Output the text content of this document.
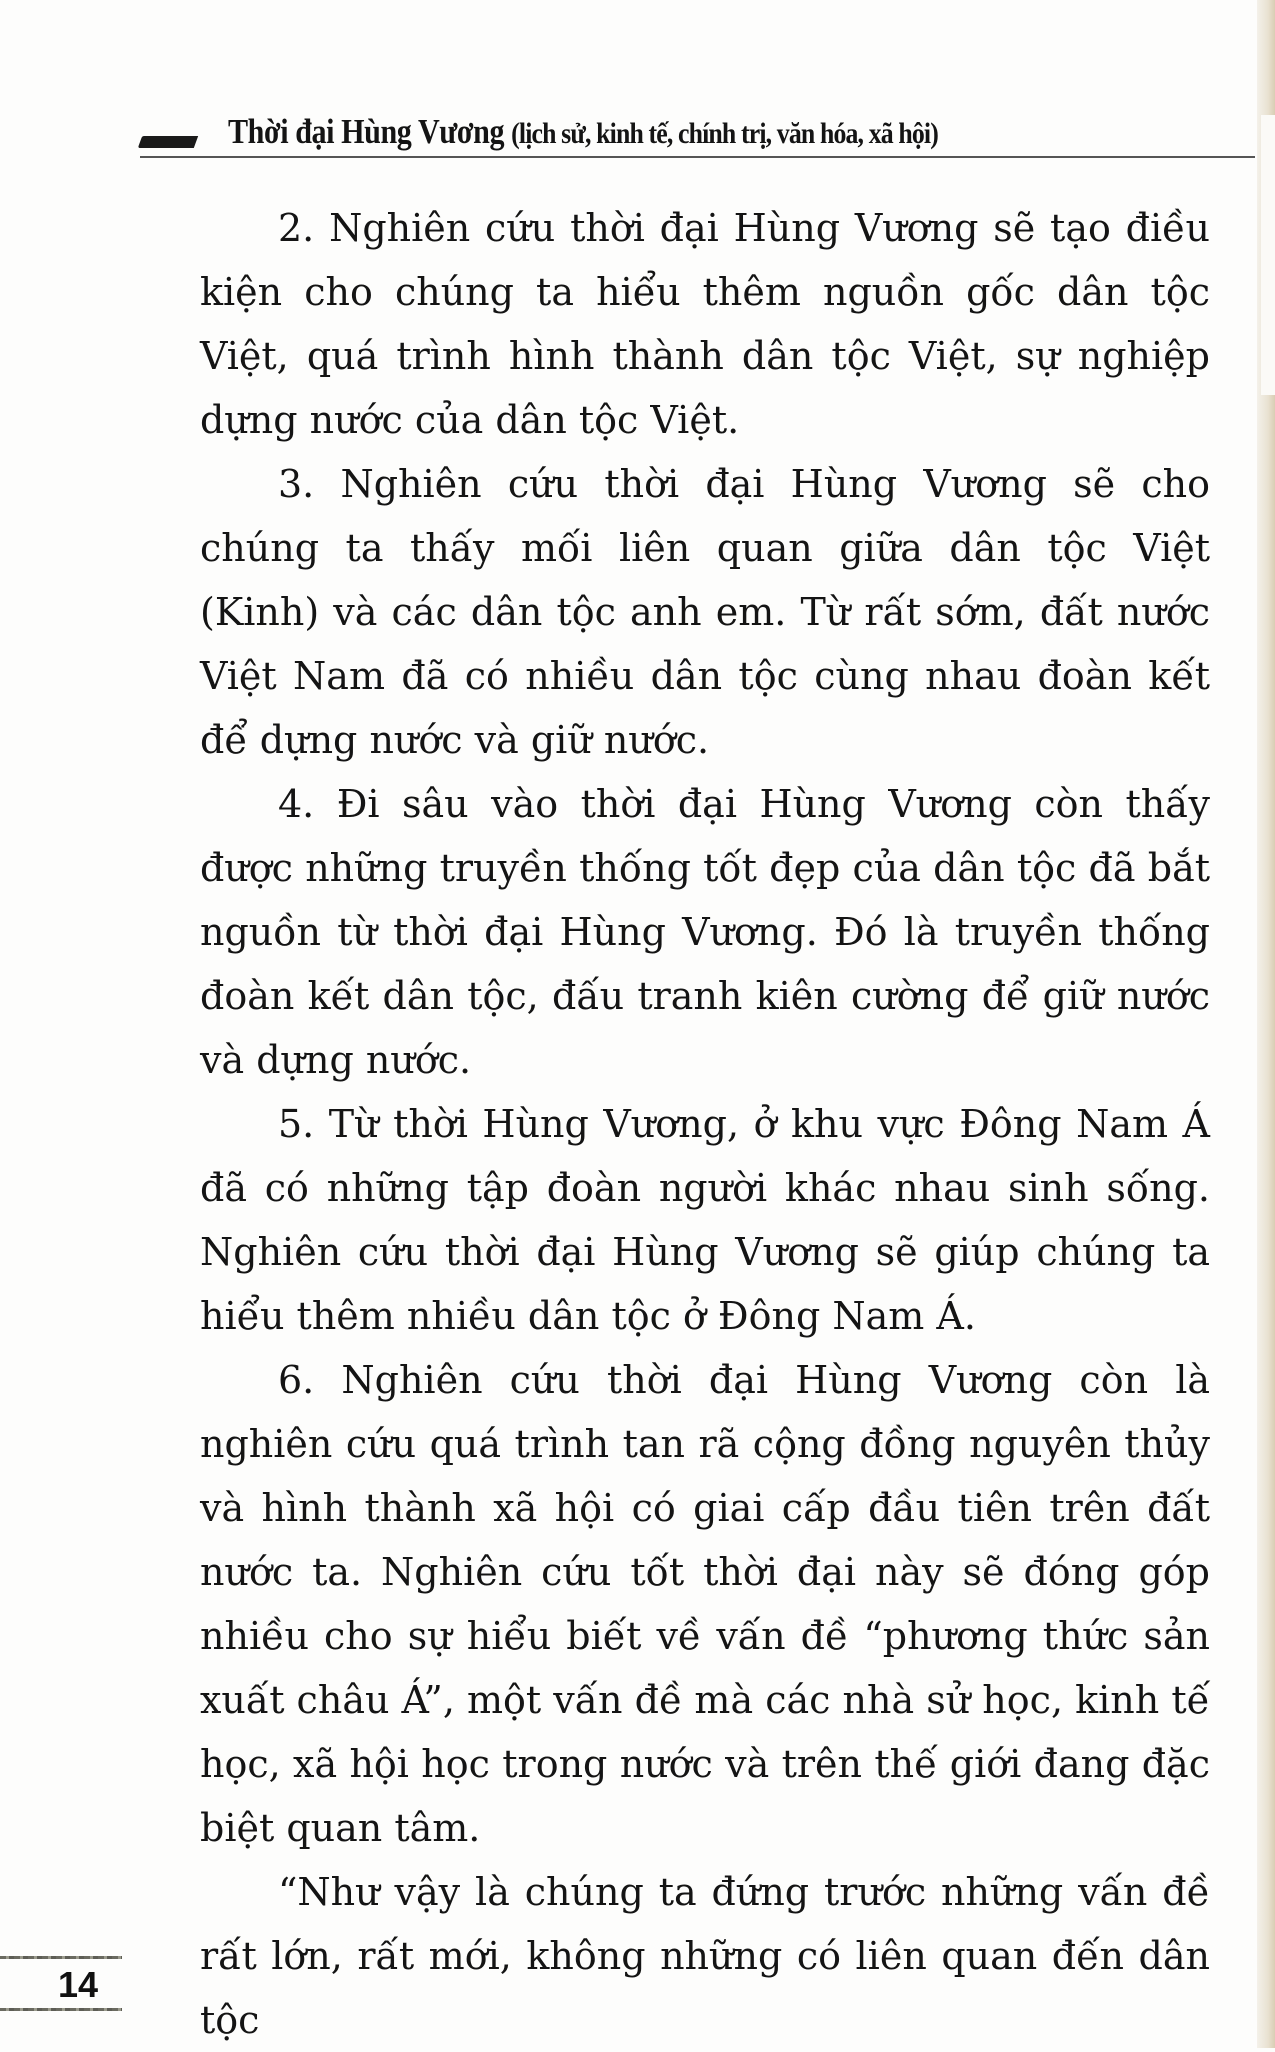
Thời đại Hùng Vương (lịch sử, kinh tế, chính trị, văn hóa, xã hội)

2. Nghiên cứu thời đại Hùng Vương sẽ tạo điều kiện cho chúng ta hiểu thêm nguồn gốc dân tộc Việt, quá trình hình thành dân tộc Việt, sự nghiệp dựng nước của dân tộc Việt.

3. Nghiên cứu thời đại Hùng Vương sẽ cho chúng ta thấy mối liên quan giữa dân tộc Việt (Kinh) và các dân tộc anh em. Từ rất sớm, đất nước Việt Nam đã có nhiều dân tộc cùng nhau đoàn kết để dựng nước và giữ nước.

4. Đi sâu vào thời đại Hùng Vương còn thấy được những truyền thống tốt đẹp của dân tộc đã bắt nguồn từ thời đại Hùng Vương. Đó là truyền thống đoàn kết dân tộc, đấu tranh kiên cường để giữ nước và dựng nước.

5. Từ thời Hùng Vương, ở khu vực Đông Nam Á đã có những tập đoàn người khác nhau sinh sống. Nghiên cứu thời đại Hùng Vương sẽ giúp chúng ta hiểu thêm nhiều dân tộc ở Đông Nam Á.

6. Nghiên cứu thời đại Hùng Vương còn là nghiên cứu quá trình tan rã cộng đồng nguyên thủy và hình thành xã hội có giai cấp đầu tiên trên đất nước ta. Nghiên cứu tốt thời đại này sẽ đóng góp nhiều cho sự hiểu biết về vấn đề “phương thức sản xuất châu Á”, một vấn đề mà các nhà sử học, kinh tế học, xã hội học trong nước và trên thế giới đang đặc biệt quan tâm.

“Như vậy là chúng ta đứng trước những vấn đề rất lớn, rất mới, không những có liên quan đến dân tộc

14
